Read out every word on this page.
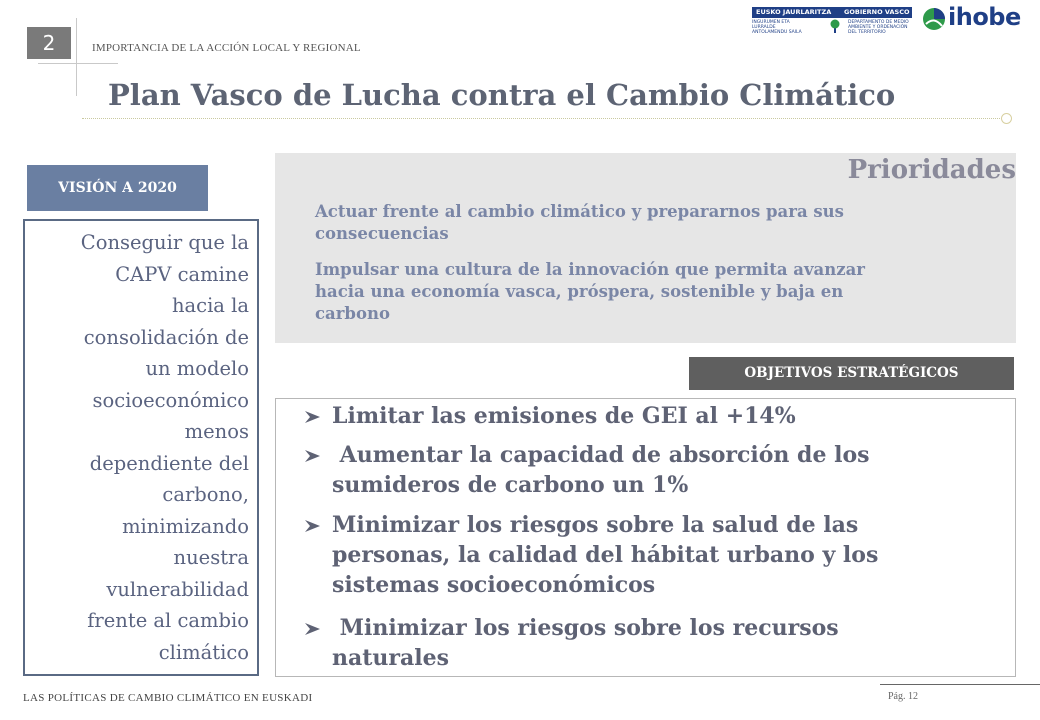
2	IMPORTANCIA DE LA ACCIÓN LOCAL Y REGIONAL
Plan Vasco de Lucha contra el Cambio Climático
EUSKO JAURLARITZA GOBIERNO VASCO
INGURUMEN ETA LURRALDE ANTOLAMENDU SAILA
DEPARTAMENTO DE MEDIO AMBIENTE Y ORDENACIÓN DEL TERRITORIO
ihobe
VISIÓN A 2020
Conseguir que la
CAPV camine
hacia la
consolidación de
un modelo
socioeconómico
menos
dependiente del
carbono,
minimizando
nuestra
vulnerabilidad
frente al cambio
climático
Prioridades
Actuar frente al cambio climático y prepararnos para sus
consecuencias
Impulsar una cultura de la innovación que permita avanzar
hacia una economía vasca, próspera, sostenible y baja en
carbono
OBJETIVOS ESTRATÉGICOS
Limitar las emisiones de GEI al +14%
Aumentar la capacidad de absorción de los
sumideros de carbono un 1%
Minimizar los riesgos sobre la salud de las
personas, la calidad del hábitat urbano y los
sistemas socioeconómicos
Minimizar los riesgos sobre los recursos
naturales
LAS POLÍTICAS DE CAMBIO CLIMÁTICO EN EUSKADI	Pág. 12
